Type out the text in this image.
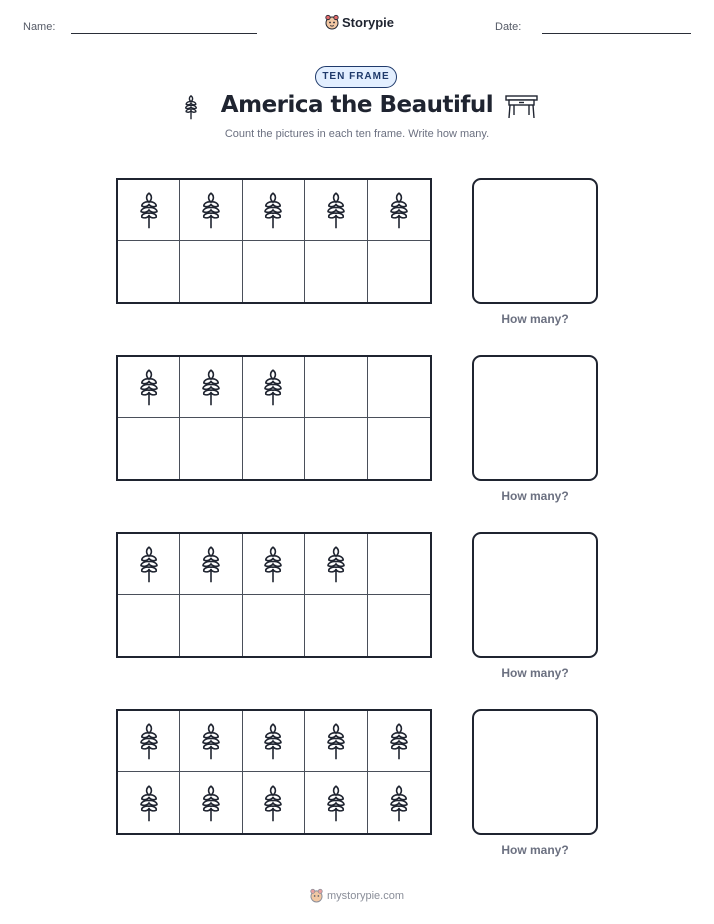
Name:	Storypie	Date:
TEN FRAME
America the Beautiful
Count the pictures in each ten frame. Write how many.
How many?
How many?
How many?
How many?
mystorypie.com
